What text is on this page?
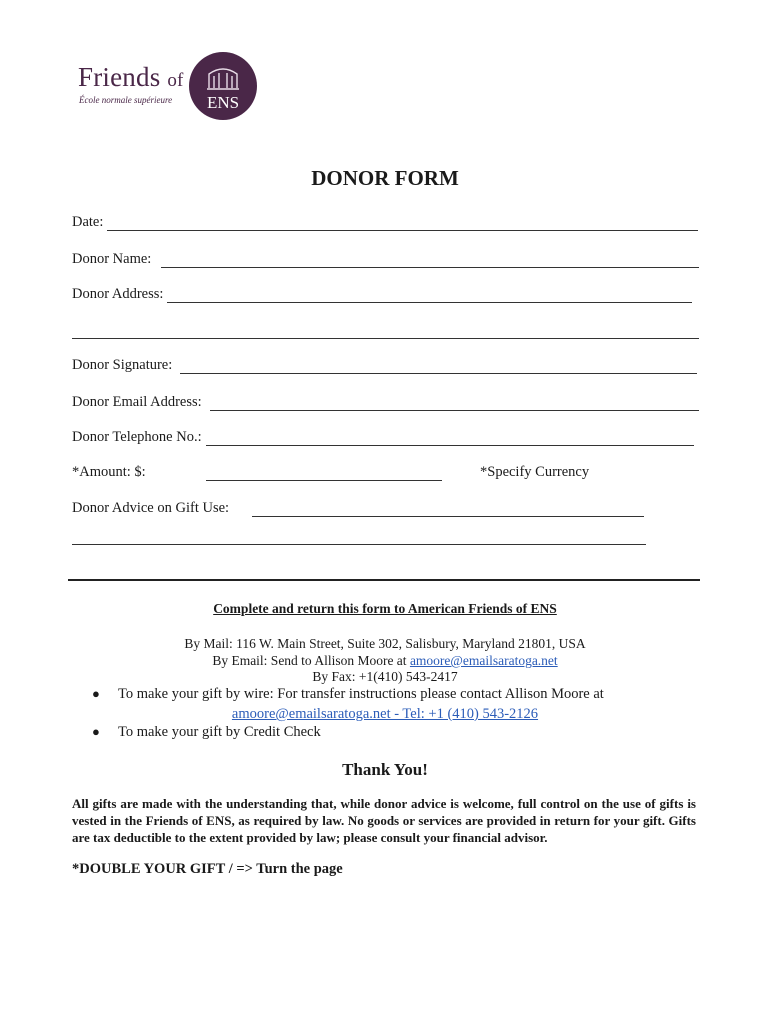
Friends of
École normale supérieure ENS
DONOR FORM
Date:
Donor Name:
Donor Address:
Donor Signature:
Donor Email Address:
Donor Telephone No.:
*Amount: $:	*Specify Currency
Donor Advice on Gift Use:
Complete and return this form to American Friends of ENS
By Mail: 116 W. Main Street, Suite 302, Salisbury, Maryland 21801, USA
By Email: Send to Allison Moore at amoore@emailsaratoga.net
By Fax: +1(410) 543-2417
●	To make your gift by wire: For transfer instructions please contact Allison Moore at
amoore@emailsaratoga.net - Tel: +1 (410) 543-2126
●	To make your gift by Credit Check
Thank You!
All gifts are made with the understanding that, while donor advice is welcome, full control on the use of gifts is vested in the Friends of ENS, as required by law. No goods or services are provided in return for your gift. Gifts are tax deductible to the extent provided by law; please consult your financial advisor.
*DOUBLE YOUR GIFT / => Turn the page
